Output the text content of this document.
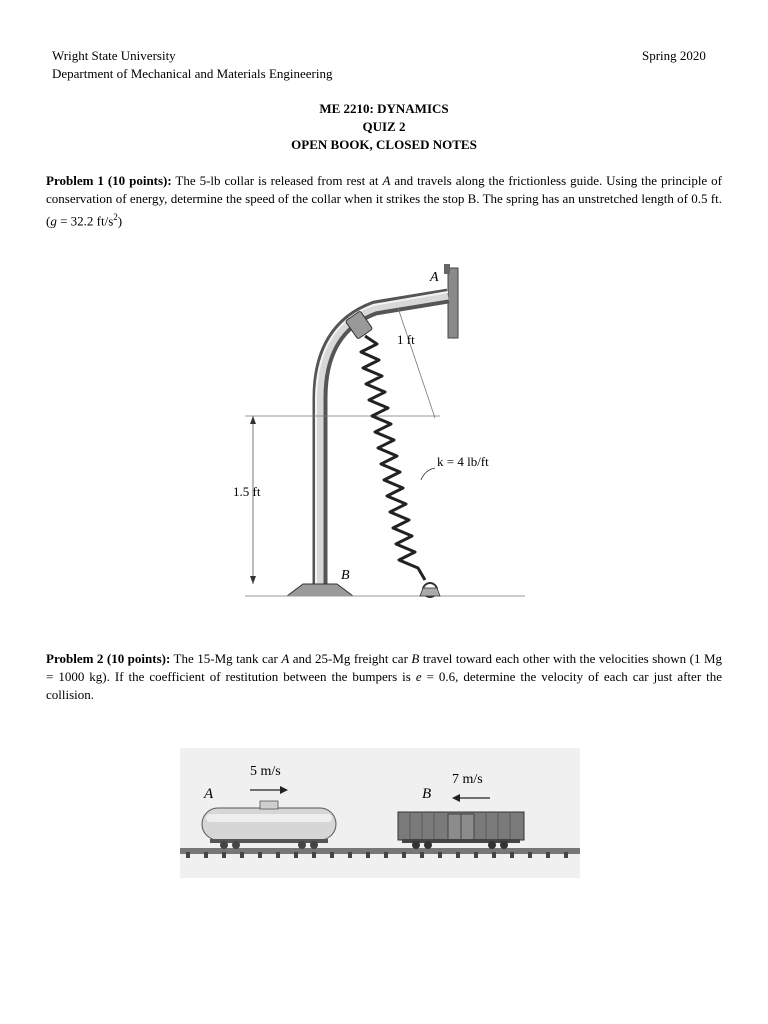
Wright State University
Department of Mechanical and Materials Engineering
Spring 2020
ME 2210: DYNAMICS
QUIZ 2
OPEN BOOK, CLOSED NOTES
Problem 1 (10 points): The 5-lb collar is released from rest at A and travels along the frictionless guide. Using the principle of conservation of energy, determine the speed of the collar when it strikes the stop B. The spring has an unstretched length of 0.5 ft. (g = 32.2 $ft/s^2$)
A
1 ft
k = 4 lb/ft
1.5 ft
B
Problem 2 (10 points): The 15-Mg tank car A and 25-Mg freight car B travel toward each other with the velocities shown (1 Mg = 1000 kg). If the coefficient of restitution between the bumpers is e = 0.6, determine the velocity of each car just after the collision.
5 m/s
A
7 m/s
B
